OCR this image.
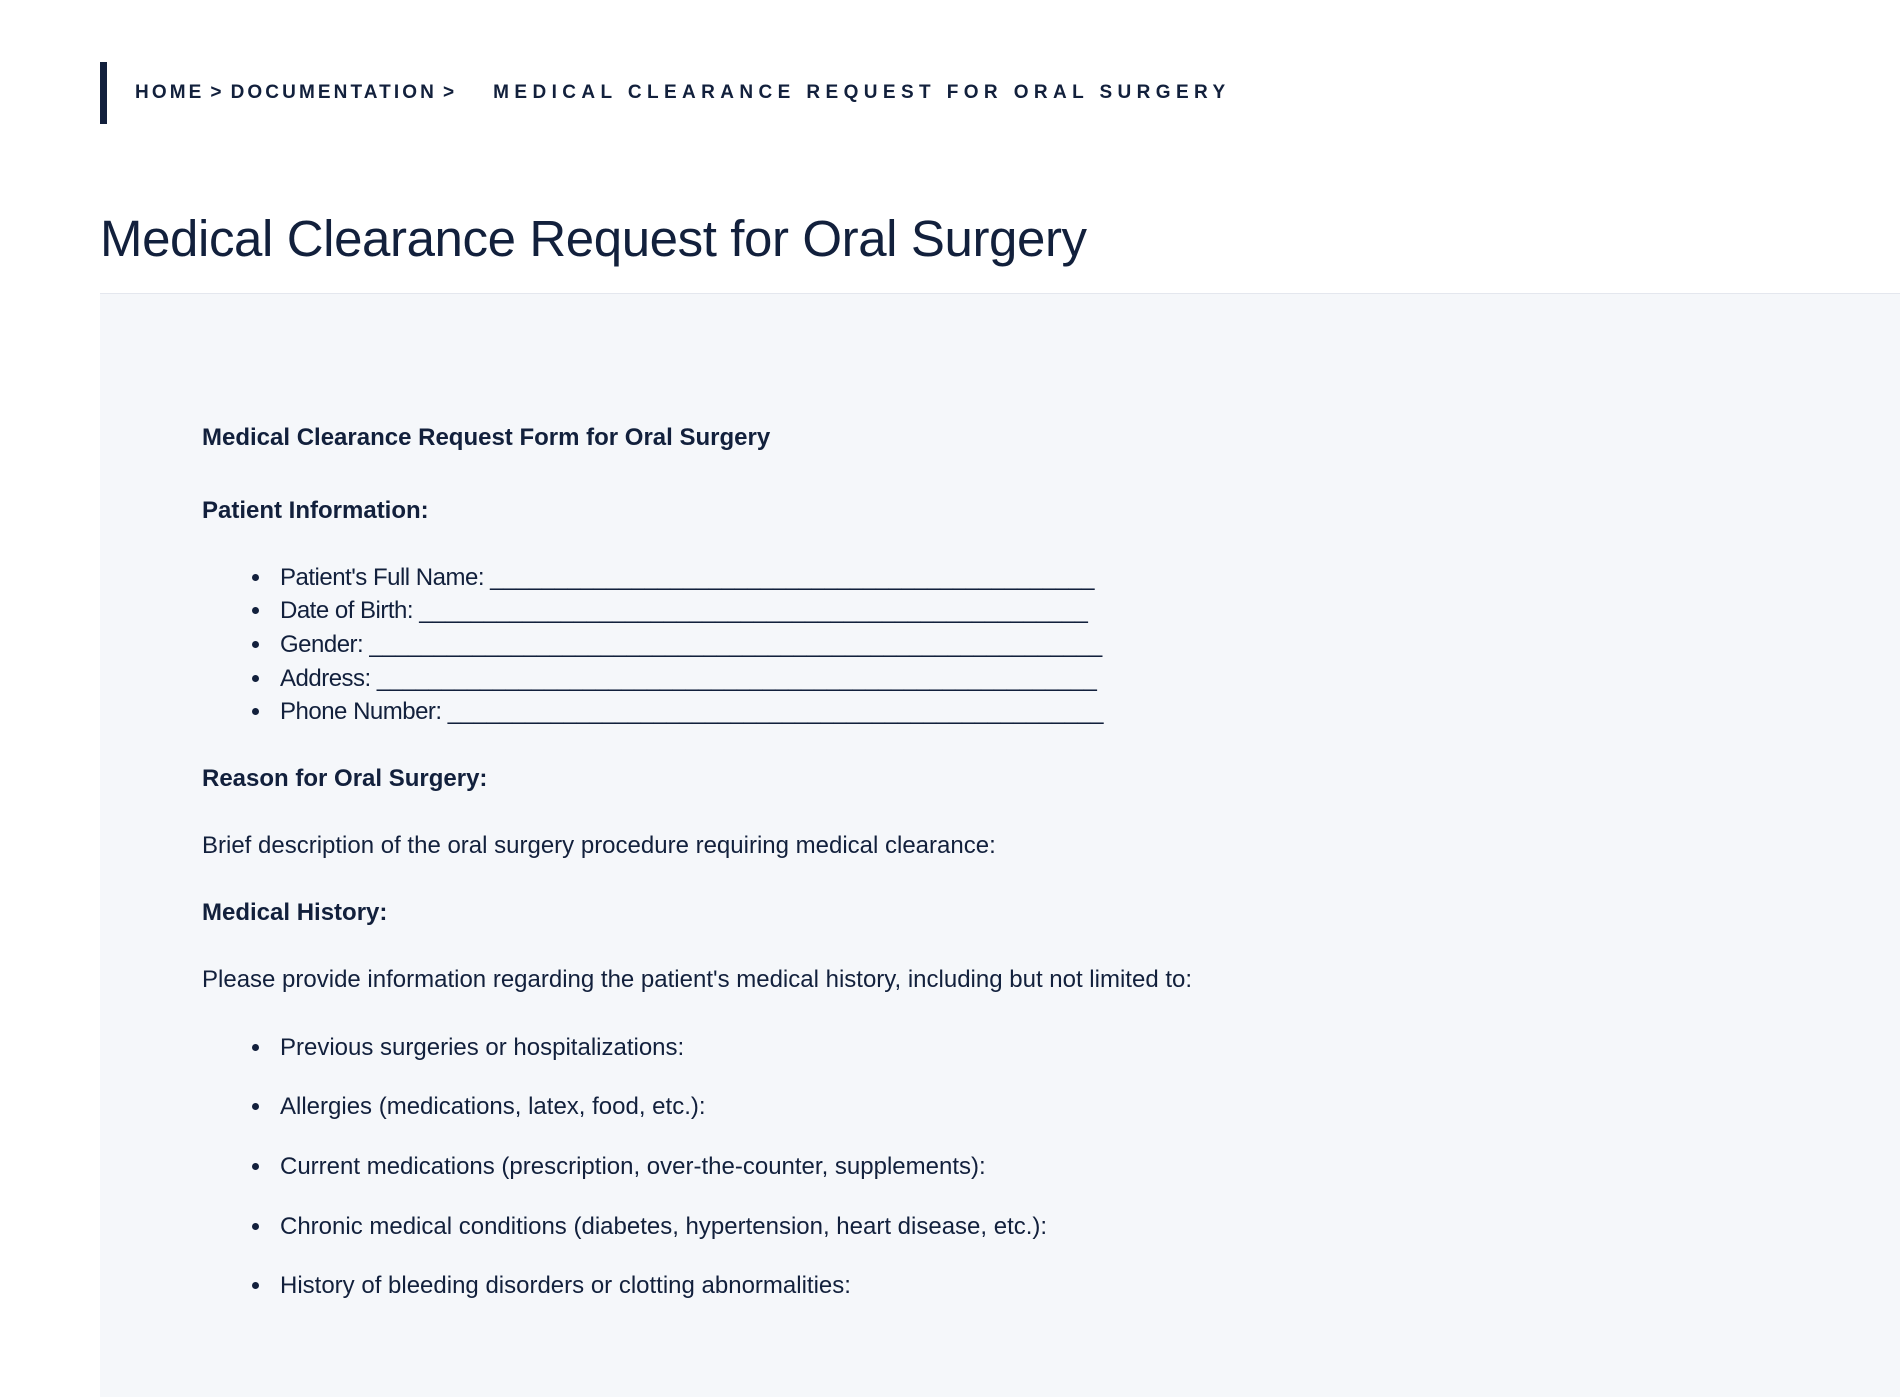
HOME > DOCUMENTATION >	MEDICAL CLEARANCE REQUEST FOR ORAL SURGERY
Medical Clearance Request for Oral Surgery
Medical Clearance Request Form for Oral Surgery
Patient Information:
Patient's Full Name: _______________________________________________
Date of Birth: ____________________________________________________
Gender: _________________________________________________________
Address: ________________________________________________________
Phone Number: ___________________________________________________
Reason for Oral Surgery:

Brief description of the oral surgery procedure requiring medical clearance:

Medical History:

Please provide information regarding the patient's medical history, including but not limited to:

Previous surgeries or hospitalizations:
Allergies (medications, latex, food, etc.):
Current medications (prescription, over-the-counter, supplements):
Chronic medical conditions (diabetes, hypertension, heart disease, etc.):
History of bleeding disorders or clotting abnormalities:
